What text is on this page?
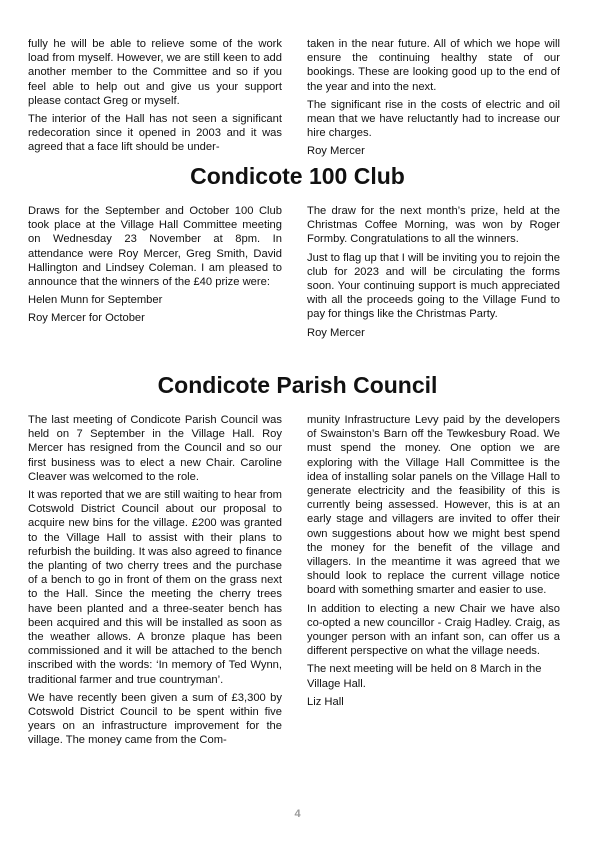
fully he will be able to relieve some of the work load from myself. However, we are still keen to add another member to the Committee and so if you feel able to help out and give us your support please contact Greg or myself.

The interior of the Hall has not seen a significant redecoration since it opened in 2003 and it was agreed that a face lift should be under-

taken in the near future. All of which we hope will ensure the continuing healthy state of our bookings. These are looking good up to the end of the year and into the next.

The significant rise in the costs of electric and oil mean that we have reluctantly had to increase our hire charges.

Roy Mercer

Condicote 100 Club

Draws for the September and October 100 Club took place at the Village Hall Committee meeting on Wednesday 23 November at 8pm. In attendance were Roy Mercer, Greg Smith, David Hallington and Lindsey Coleman. I am pleased to announce that the winners of the £40 prize were:

Helen Munn for September

Roy Mercer for October

The draw for the next month’s prize, held at the Christmas Coffee Morning, was won by Roger Formby. Congratulations to all the winners.

Just to flag up that I will be inviting you to rejoin the club for 2023 and will be circulating the forms soon. Your continuing support is much appreciated with all the proceeds going to the Village Fund to pay for things like the Christmas Party.

Roy Mercer

Condicote Parish Council

The last meeting of Condicote Parish Council was held on 7 September in the Village Hall. Roy Mercer has resigned from the Council and so our first business was to elect a new Chair. Caroline Cleaver was welcomed to the role.

It was reported that we are still waiting to hear from Cotswold District Council about our proposal to acquire new bins for the village. £200 was granted to the Village Hall to assist with their plans to refurbish the building. It was also agreed to finance the planting of two cherry trees and the purchase of a bench to go in front of them on the grass next to the Hall. Since the meeting the cherry trees have been planted and a three-seater bench has been acquired and this will be installed as soon as the weather allows. A bronze plaque has been commissioned and it will be attached to the bench inscribed with the words: ‘In memory of Ted Wynn, traditional farmer and true countryman’.

We have recently been given a sum of £3,300 by Cotswold District Council to be spent within five years on an infrastructure improvement for the village. The money came from the Com-

munity Infrastructure Levy paid by the developers of Swainston’s Barn off the Tewkesbury Road. We must spend the money. One option we are exploring with the Village Hall Committee is the idea of installing solar panels on the Village Hall to generate electricity and the feasibility of this is currently being assessed. However, this is at an early stage and villagers are invited to offer their own suggestions about how we might best spend the money for the benefit of the village and villagers. In the meantime it was agreed that we should look to replace the current village notice board with something smarter and easier to use.

In addition to electing a new Chair we have also co-opted a new councillor - Craig Hadley. Craig, as younger person with an infant son, can offer us a different perspective on what the village needs.

The next meeting will be held on 8 March in the Village Hall.

Liz Hall

4
